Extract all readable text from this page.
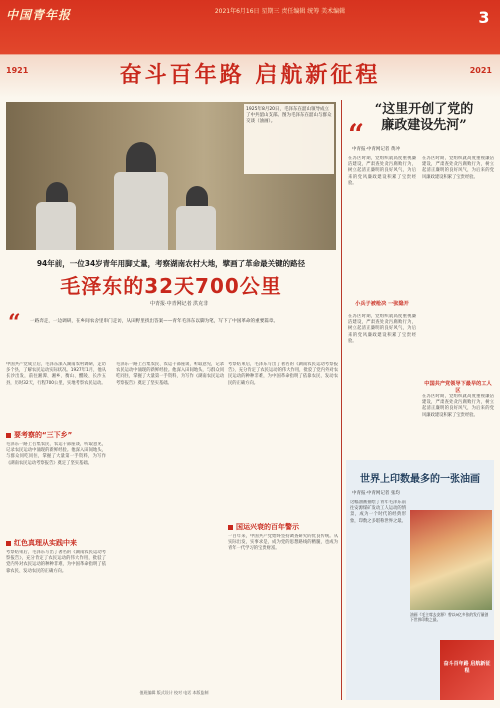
中国青年报	2021年6月16日 星期三 责任编辑 统筹 美术编辑	3
1921	2021
奋斗百年路 启航新征程
1925年8月20日，毛泽东在韶山领导成立了中共韶山支部。图为毛泽东在韶山与群众交谈（油画）。
94年前，一位34岁青年用脚丈量，考察湖南农村大地，擘画了革命最关键的路径
毛泽东的32天700公里
中青报·中青网记者 洪克非
“ 一路奔走，一边调研，在乡间农舍里串门走访，从田野里找出答案——青年毛泽东以脚为笔，写下了中国革命的重要篇章。
要考察的“三下乡”
中国共产党成立后，毛泽东深入湖南农村调研，走访多个县，了解农民运动实际状况。1927年1月，他从长沙出发，前往湘潭、湘乡、衡山、醴陵、长沙五县，历时32天，行程700公里，实地考察农民运动。
毛泽东一路上召集农民、农运干部座谈，听取意见，记录农民运动中涌现的新鲜经验。他深入田间地头，与群众同吃同住，掌握了大量第一手资料，为写作《湖南农民运动考察报告》奠定了坚实基础。
红色真理从实践中来
考察结束后，毛泽东写出了著名的《湖南农民运动考察报告》，充分肯定了农民运动的伟大作用，批驳了党内外对农民运动的种种非难，为中国革命指明了依靠农民、发动农民的正确方向。
毛泽东一路上召集农民、农运干部座谈，听取意见，记录农民运动中涌现的新鲜经验。他深入田间地头，与群众同吃同住，掌握了大量第一手资料，为写作《湖南农民运动考察报告》奠定了坚实基础。
国运兴衰的百年警示
考察结束后，毛泽东写出了著名的《湖南农民运动考察报告》，充分肯定了农民运动的伟大作用，批驳了党内外对农民运动的种种非难，为中国革命指明了依靠农民、发动农民的正确方向。
一百年来，中国共产党始终坚持调查研究的优良传统。从实际出发，实事求是，成为党的思想路线的精髓，也成为青年一代学习的宝贵财富。
“
“这里开创了党的
廉政建设先河”
中青报·中青网记者 黄冲
在苏区时期，党组织就高度重视廉洁建设，严肃查处贪污腐败行为，树立起清正廉明的良好风气，为后来的党风廉政建设积累了宝贵经验。
在苏区时期，党组织就高度重视廉洁建设，严肃查处贪污腐败行为，树立起清正廉明的良好风气，为后来的党风廉政建设积累了宝贵经验。
小兵子被枪决 一张隐开
在苏区时期，党组织就高度重视廉洁建设，严肃查处贪污腐败行为，树立起清正廉明的良好风气，为后来的党风廉政建设积累了宝贵经验。
中国共产党领导下最早的工人区
在苏区时期，党组织就高度重视廉洁建设，严肃查处贪污腐败行为，树立起清正廉明的良好风气，为后来的党风廉政建设积累了宝贵经验。
世界上印数最多的一张油画
中青报·中青网记者 张均
这幅油画描绘了青年毛泽东前往安源煤矿发动工人运动的情景，成为一个时代的经典形象，印数之多堪称世界之最。
油画《毛主席去安源》曾以9亿多张的发行量创下世界印数之最。
奋斗百年路 启航新征程
值班编辑 版式设计 校对 电话 本版监制
